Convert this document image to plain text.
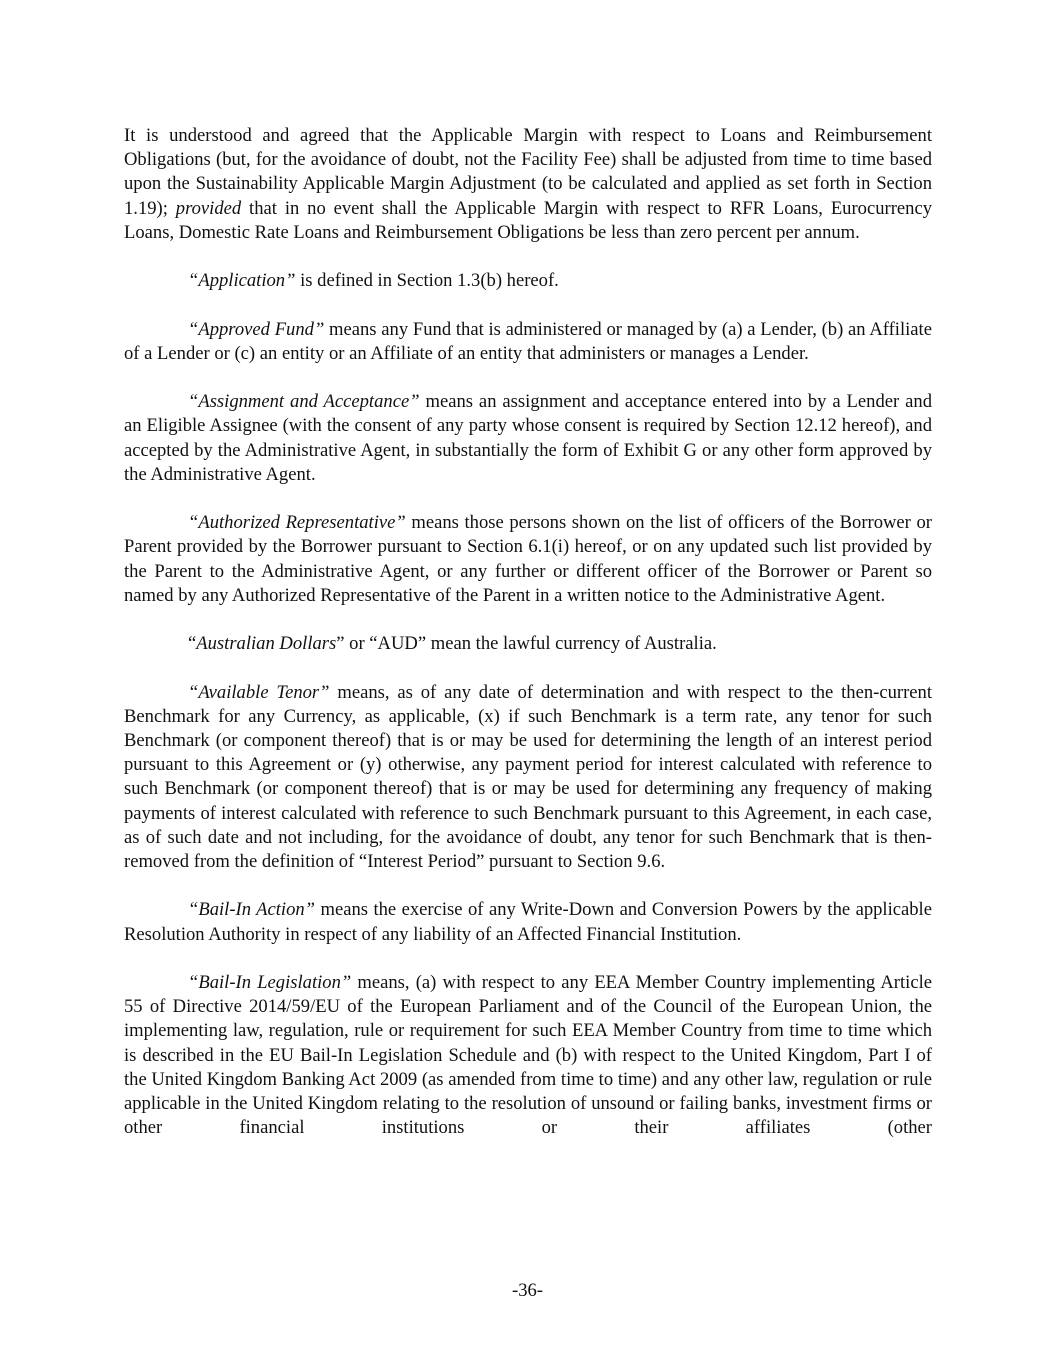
It is understood and agreed that the Applicable Margin with respect to Loans and Reimbursement Obligations (but, for the avoidance of doubt, not the Facility Fee) shall be adjusted from time to time based upon the Sustainability Applicable Margin Adjustment (to be calculated and applied as set forth in Section 1.19); provided that in no event shall the Applicable Margin with respect to RFR Loans, Eurocurrency Loans, Domestic Rate Loans and Reimbursement Obligations be less than zero percent per annum.

“Application” is defined in Section 1.3(b) hereof.

“Approved Fund” means any Fund that is administered or managed by (a) a Lender, (b) an Affiliate of a Lender or (c) an entity or an Affiliate of an entity that administers or manages a Lender.

“Assignment and Acceptance” means an assignment and acceptance entered into by a Lender and an Eligible Assignee (with the consent of any party whose consent is required by Section 12.12 hereof), and accepted by the Administrative Agent, in substantially the form of Exhibit G or any other form approved by the Administrative Agent.

“Authorized Representative” means those persons shown on the list of officers of the Borrower or Parent provided by the Borrower pursuant to Section 6.1(i) hereof, or on any updated such list provided by the Parent to the Administrative Agent, or any further or different officer of the Borrower or Parent so named by any Authorized Representative of the Parent in a written notice to the Administrative Agent.

“Australian Dollars” or “AUD” mean the lawful currency of Australia.

“Available Tenor” means, as of any date of determination and with respect to the then-current Benchmark for any Currency, as applicable, (x) if such Benchmark is a term rate, any tenor for such Benchmark (or component thereof) that is or may be used for determining the length of an interest period pursuant to this Agreement or (y) otherwise, any payment period for interest calculated with reference to such Benchmark (or component thereof) that is or may be used for determining any frequency of making payments of interest calculated with reference to such Benchmark pursuant to this Agreement, in each case, as of such date and not including, for the avoidance of doubt, any tenor for such Benchmark that is then-removed from the definition of “Interest Period” pursuant to Section 9.6.

“Bail-In Action” means the exercise of any Write-Down and Conversion Powers by the applicable Resolution Authority in respect of any liability of an Affected Financial Institution.

“Bail-In Legislation” means, (a) with respect to any EEA Member Country implementing Article 55 of Directive 2014/59/EU of the European Parliament and of the Council of the European Union, the implementing law, regulation, rule or requirement for such EEA Member Country from time to time which is described in the EU Bail-In Legislation Schedule and (b) with respect to the United Kingdom, Part I of the United Kingdom Banking Act 2009 (as amended from time to time) and any other law, regulation or rule applicable in the United Kingdom relating to the resolution of unsound or failing banks, investment firms or other financial institutions or their affiliates (other

-36-
